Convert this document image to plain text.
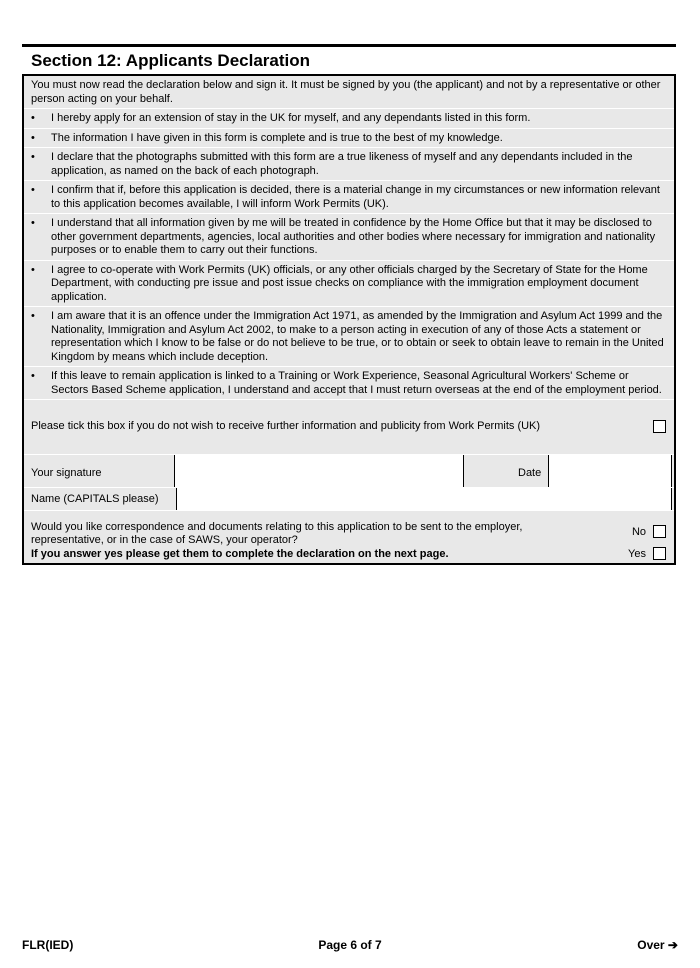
Section 12: Applicants Declaration
You must now read the declaration below and sign it. It must be signed by you (the applicant) and not by a representative or other person acting on your behalf.
• I hereby apply for an extension of stay in the UK for myself, and any dependants listed in this form.
• The information I have given in this form is complete and is true to the best of my knowledge.
• I declare that the photographs submitted with this form are a true likeness of myself and any dependants included in the application, as named on the back of each photograph.
• I confirm that if, before this application is decided, there is a material change in my circumstances or new information relevant to this application becomes available, I will inform Work Permits (UK).
• I understand that all information given by me will be treated in confidence by the Home Office but that it may be disclosed to other government departments, agencies, local authorities and other bodies where necessary for immigration and nationality purposes or to enable them to carry out their functions.
• I agree to co-operate with Work Permits (UK) officials, or any other officials charged by the Secretary of State for the Home Department, with conducting pre issue and post issue checks on compliance with the immigration employment document application.
• I am aware that it is an offence under the Immigration Act 1971, as amended by the Immigration and Asylum Act 1999 and the Nationality, Immigration and Asylum Act 2002, to make to a person acting in execution of any of those Acts a statement or representation which I know to be false or do not believe to be true, or to obtain or seek to obtain leave to remain in the United Kingdom by means which include deception.
• If this leave to remain application is linked to a Training or Work Experience, Seasonal Agricultural Workers' Scheme or Sectors Based Scheme application, I understand and accept that I must return overseas at the end of the employment period.
Please tick this box if you do not wish to receive further information and publicity from Work Permits (UK)
Your signature	Date
Name (CAPITALS please)
Would you like correspondence and documents relating to this application to be sent to the employer, representative, or in the case of SAWS, your operator?
If you answer yes please get them to complete the declaration on the next page.
No
Yes
FLR(IED)	Page 6 of 7	Over ➔
